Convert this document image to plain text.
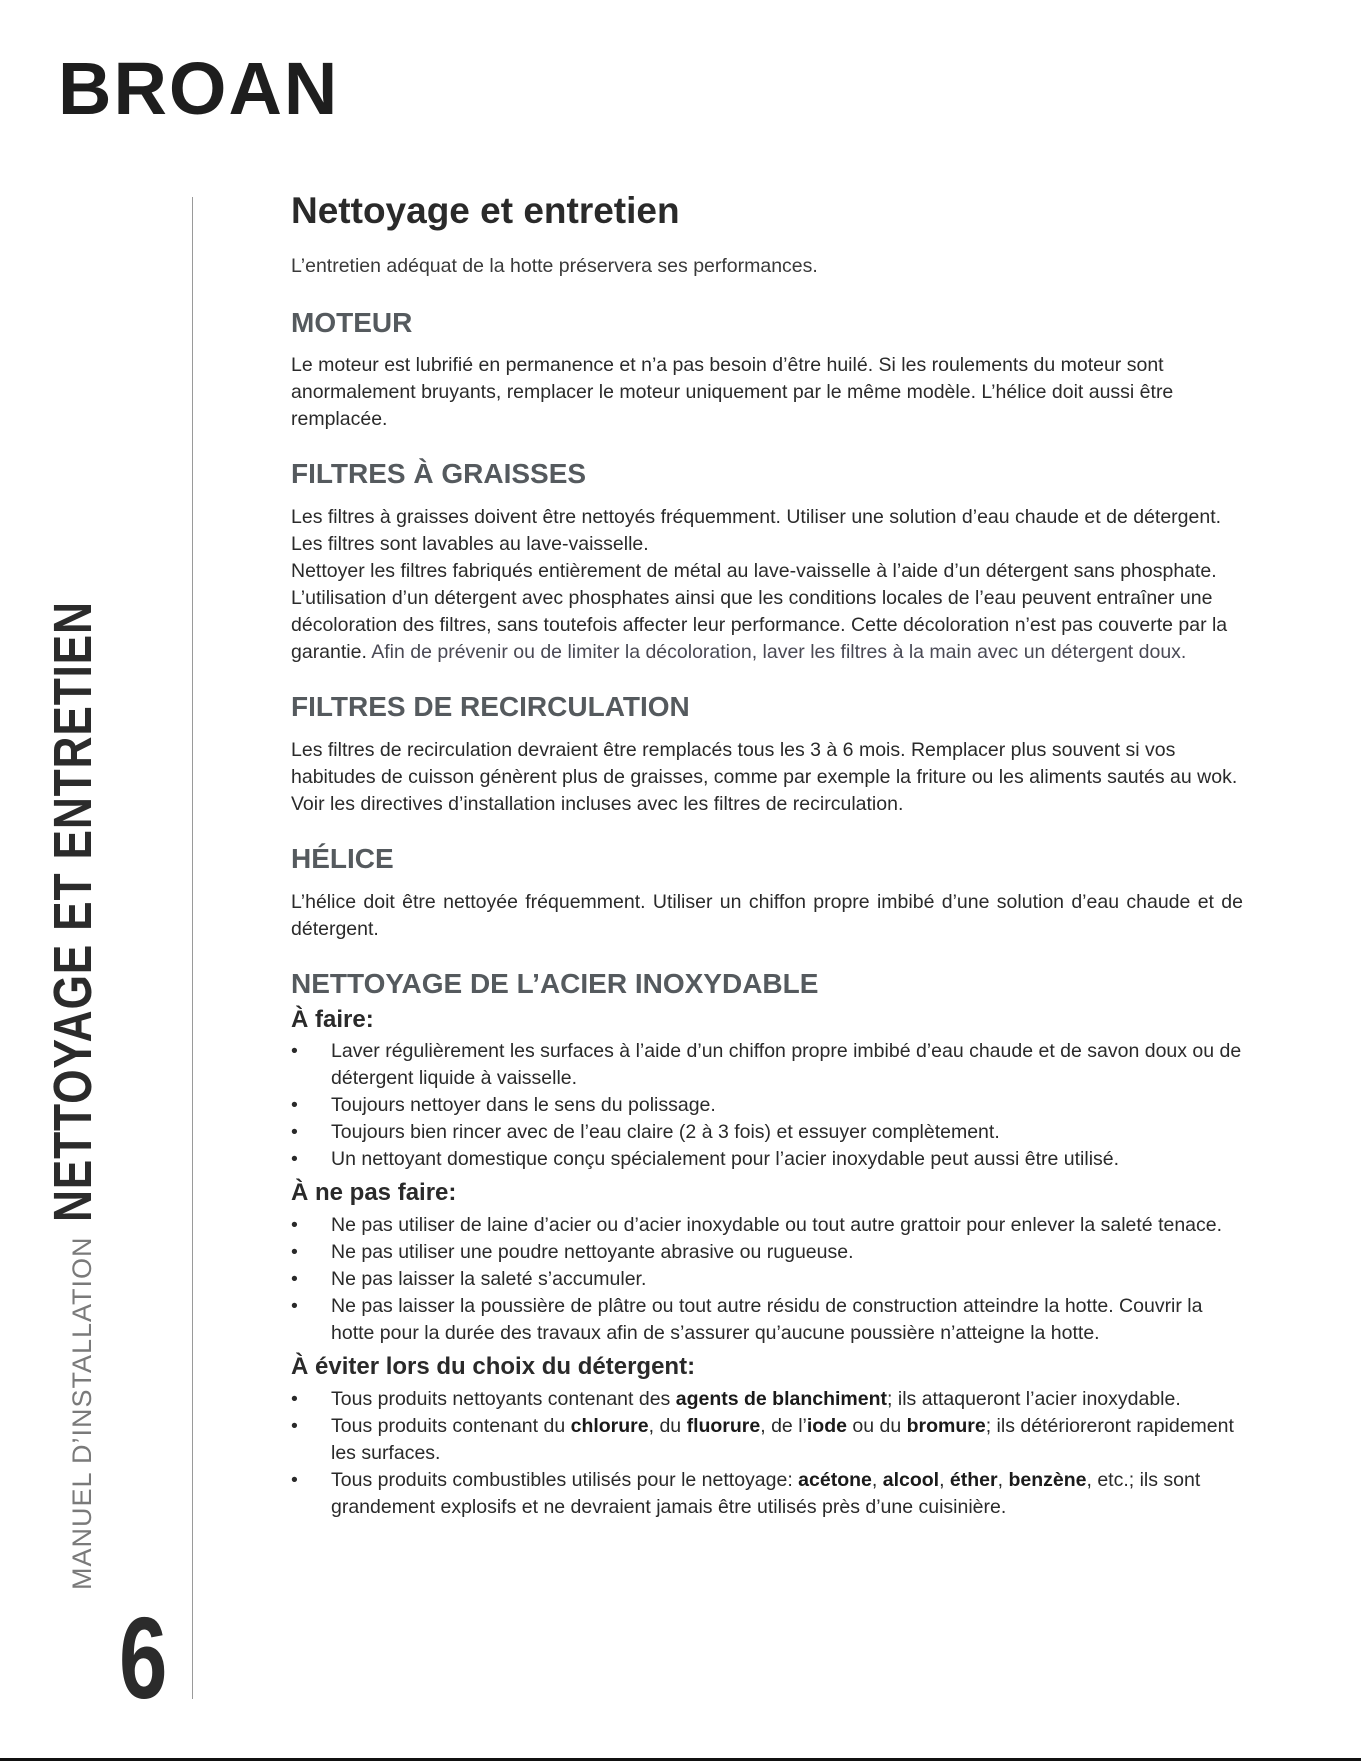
BROAN
MANUEL D’INSTALLATION
NETTOYAGE ET ENTRETIEN
6
Nettoyage et entretien

L’entretien adéquat de la hotte préservera ses performances.

MOTEUR

Le moteur est lubrifié en permanence et n’a pas besoin d’être huilé. Si les roulements du moteur sont anormalement bruyants, remplacer le moteur uniquement par le même modèle. L’hélice doit aussi être remplacée.

FILTRES À GRAISSES

Les filtres à graisses doivent être nettoyés fréquemment. Utiliser une solution d’eau chaude et de détergent. Les filtres sont lavables au lave-vaisselle.

Nettoyer les filtres fabriqués entièrement de métal au lave-vaisselle à l’aide d’un détergent sans phosphate. L’utilisation d’un détergent avec phosphates ainsi que les conditions locales de l’eau peuvent entraîner une décoloration des filtres, sans toutefois affecter leur performance. Cette décoloration n’est pas couverte par la garantie. Afin de prévenir ou de limiter la décoloration, laver les filtres à la main avec un détergent doux.

FILTRES DE RECIRCULATION

Les filtres de recirculation devraient être remplacés tous les 3 à 6 mois. Remplacer plus souvent si vos habitudes de cuisson génèrent plus de graisses, comme par exemple la friture ou les aliments sautés au wok. Voir les directives d’installation incluses avec les filtres de recirculation.

HÉLICE

L’hélice doit être nettoyée fréquemment. Utiliser un chiffon propre imbibé d’une solution d’eau chaude et de détergent.

NETTOYAGE DE L’ACIER INOXYDABLE
À faire:
• Laver régulièrement les surfaces à l’aide d’un chiffon propre imbibé d’eau chaude et de savon doux ou de détergent liquide à vaisselle.
• Toujours nettoyer dans le sens du polissage.
• Toujours bien rincer avec de l’eau claire (2 à 3 fois) et essuyer complètement.
• Un nettoyant domestique conçu spécialement pour l’acier inoxydable peut aussi être utilisé.
À ne pas faire:
• Ne pas utiliser de laine d’acier ou d’acier inoxydable ou tout autre grattoir pour enlever la saleté tenace.
• Ne pas utiliser une poudre nettoyante abrasive ou rugueuse.
• Ne pas laisser la saleté s’accumuler.
• Ne pas laisser la poussière de plâtre ou tout autre résidu de construction atteindre la hotte. Couvrir la hotte pour la durée des travaux afin de s’assurer qu’aucune poussière n’atteigne la hotte.
À éviter lors du choix du détergent:
• Tous produits nettoyants contenant des agents de blanchiment; ils attaqueront l’acier inoxydable.
• Tous produits contenant du chlorure, du fluorure, de l’iode ou du bromure; ils détérioreront rapidement les surfaces.
• Tous produits combustibles utilisés pour le nettoyage: acétone, alcool, éther, benzène, etc.; ils sont grandement explosifs et ne devraient jamais être utilisés près d’une cuisinière.
